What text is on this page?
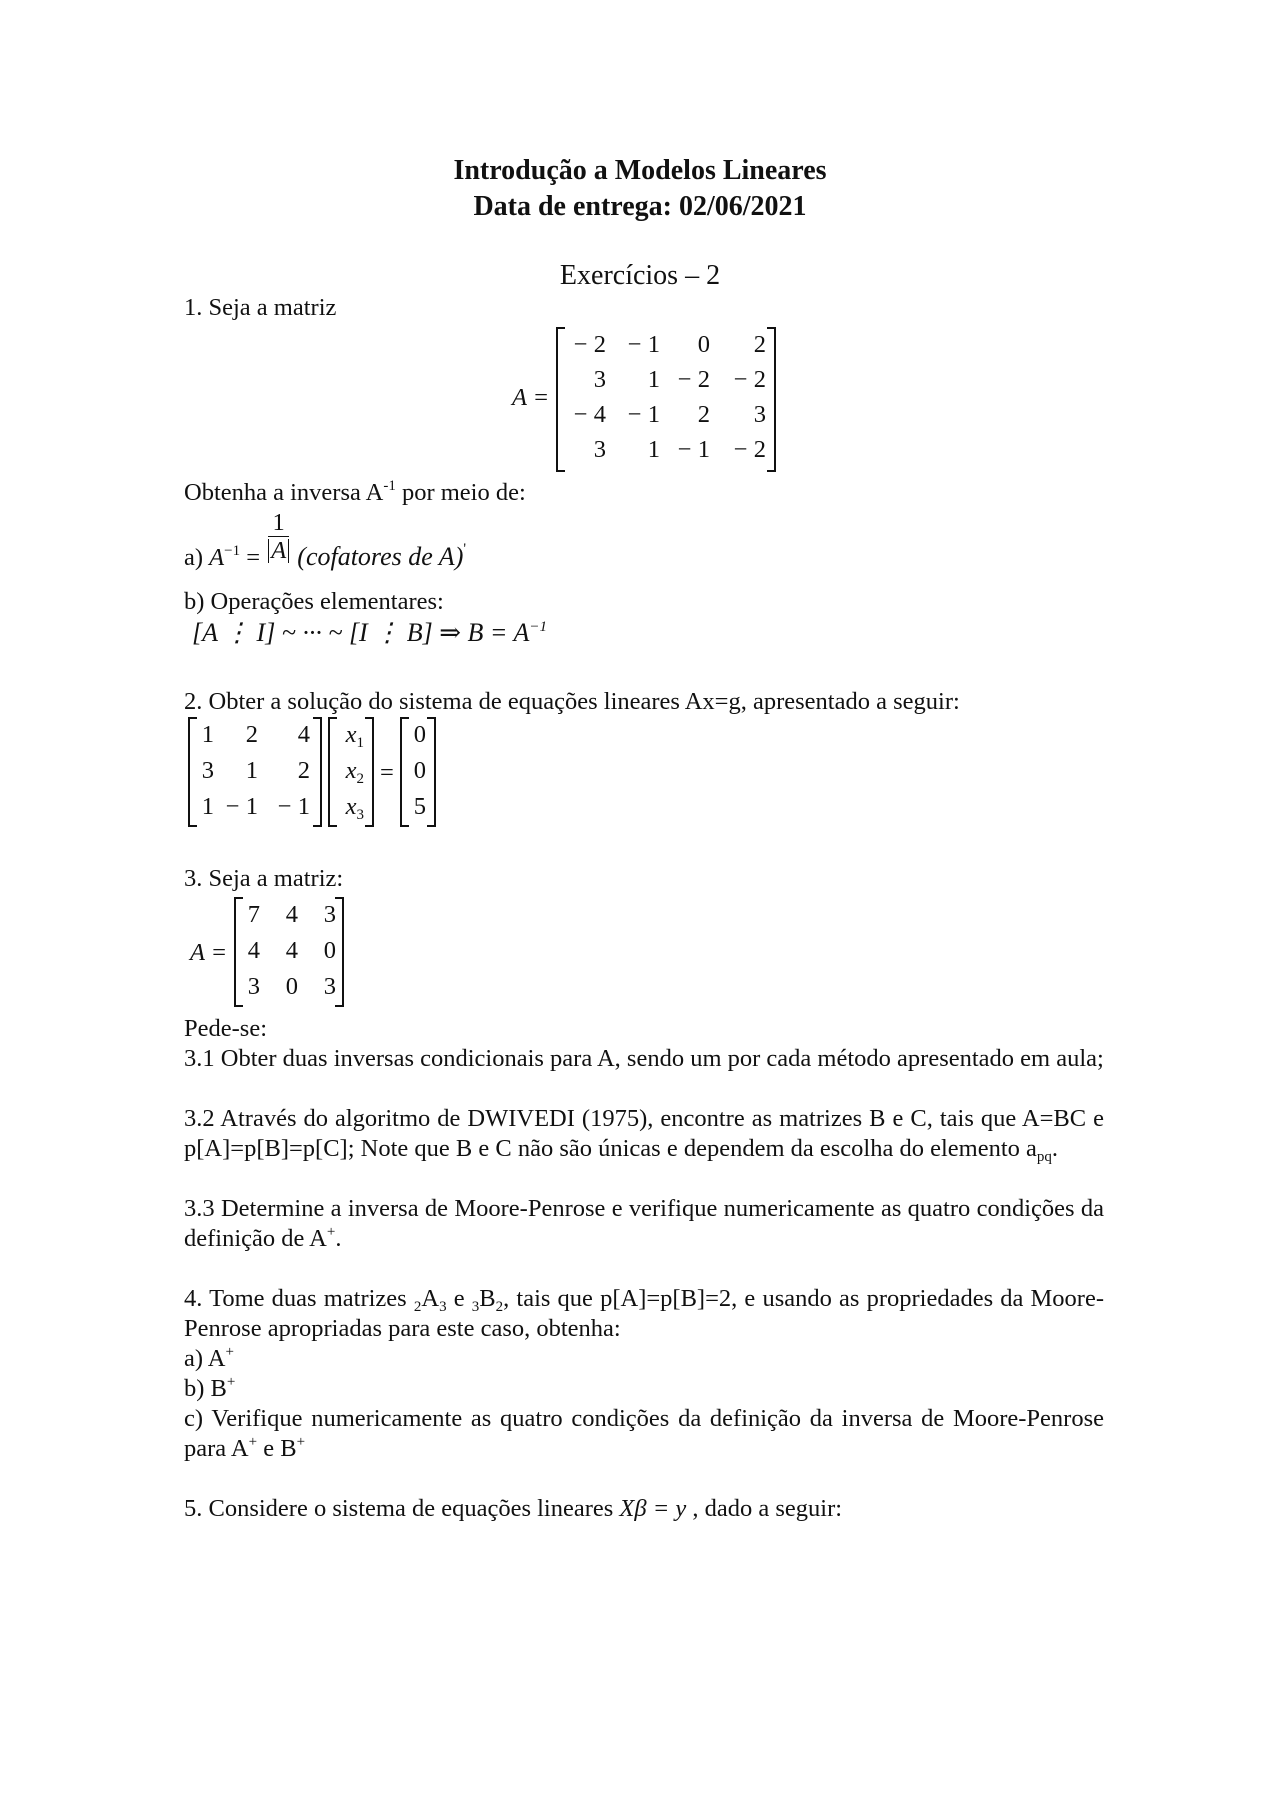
Introdução a Modelos Lineares
Data de entrega: 02/06/2021
Exercícios – 2
1. Seja a matriz
A =
− 2	− 1	0	2
3	1	− 2	− 2
− 4	− 1	2	3
3	1	− 1	− 2
Obtenha a inversa $A^{-1}$ por meio de:
a) $A^{-1} = \frac{1}{A}$ (cofatores de A)'
b) Operações elementares:
[A ⋮ I] ~ ··· ~ [I ⋮ B] ⇒ $B = A^{-1}$
2. Obter a solução do sistema de equações lineares Ax=g, apresentado a seguir:
1	2	4
3	1	2
1	− 1	− 1
$x_1$
$x_2$
$x_3$
=
0
0
5
3. Seja a matriz:
A =
7	4	3
4	4	0
3	0	3
Pede-se:
3.1 Obter duas inversas condicionais para A, sendo um por cada método apresentado em aula;
3.2 Através do algoritmo de DWIVEDI (1975), encontre as matrizes B e C, tais que A=BC e p[A]=p[B]=p[C]; Note que B e C não são únicas e dependem da escolha do elemento $a_{pq}$.
3.3 Determine a inversa de Moore-Penrose e verifique numericamente as quatro condições da definição de A+.
4. Tome duas matrizes $_2A_3$ e $_3B_2$, tais que p[A]=p[B]=2, e usando as propriedades da Moore-Penrose apropriadas para este caso, obtenha:
a) A+
b) B+
c) Verifique numericamente as quatro condições da definição da inversa de Moore-Penrose para A+ e B+
5. Considere o sistema de equações lineares Xβ = y , dado a seguir:
